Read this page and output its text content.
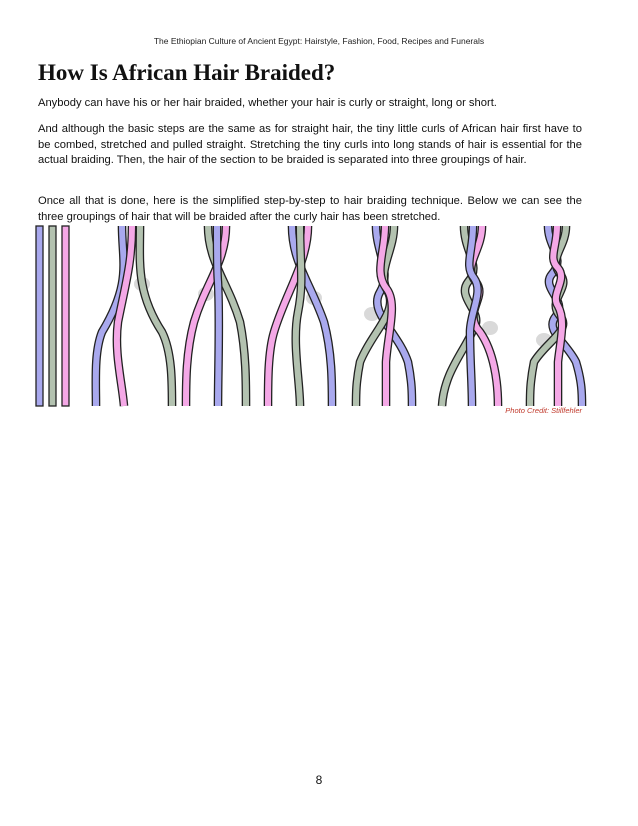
The Ethiopian Culture of Ancient Egypt: Hairstyle, Fashion, Food, Recipes and Funerals
How Is African Hair Braided?

Anybody can have his or her hair braided, whether your hair is curly or straight, long or short.

And although the basic steps are the same as for straight hair, the tiny little curls of African hair first have to be combed, stretched and pulled straight. Stretching the tiny curls into long stands of hair is essential for the actual braiding. Then, the hair of the section to be braided is separated into three groupings of hair.

Once all that is done, here is the simplified step-by-step to hair braiding technique. Below we can see the three groupings of hair that will be braided after the curly hair has been stretched.

Photo Credit: Stillfehler
8
